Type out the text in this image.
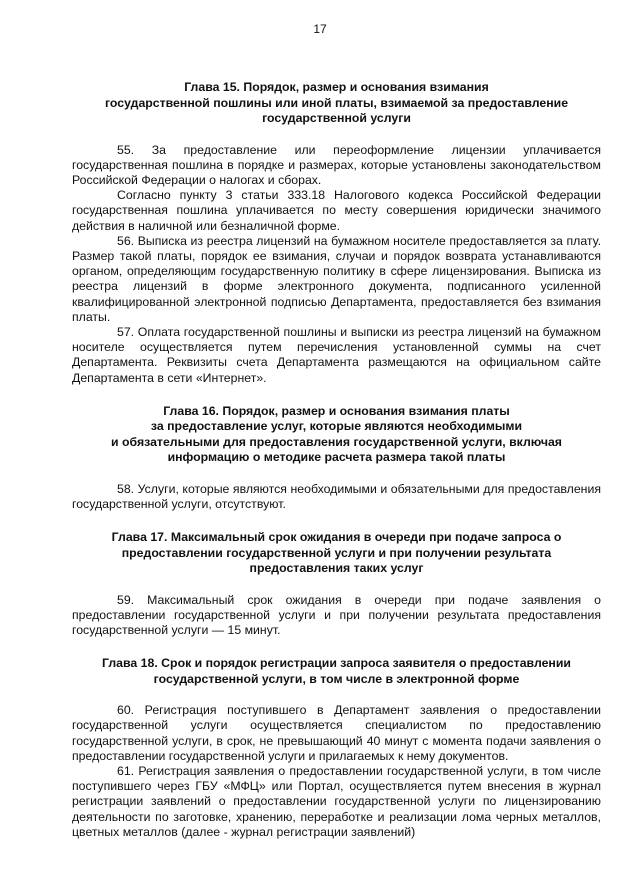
17
Глава 15. Порядок, размер и основания взимания
государственной пошлины или иной платы, взимаемой за предоставление
государственной услуги

55. За предоставление или переоформление лицензии уплачивается государственная пошлина в порядке и размерах, которые установлены законодательством Российской Федерации о налогах и сборах.

Согласно пункту 3 статьи 333.18 Налогового кодекса Российской Федерации государственная пошлина уплачивается по месту совершения юридически значимого действия в наличной или безналичной форме.

56. Выписка из реестра лицензий на бумажном носителе предоставляется за плату. Размер такой платы, порядок ее взимания, случаи и порядок возврата устанавливаются органом, определяющим государственную политику в сфере лицензирования. Выписка из реестра лицензий в форме электронного документа, подписанного усиленной квалифицированной электронной подписью Департамента, предоставляется без взимания платы.

57. Оплата государственной пошлины и выписки из реестра лицензий на бумажном носителе осуществляется путем перечисления установленной суммы на счет Департамента. Реквизиты счета Департамента размещаются на официальном сайте Департамента в сети «Интернет».

Глава 16. Порядок, размер и основания взимания платы
за предоставление услуг, которые являются необходимыми
и обязательными для предоставления государственной услуги, включая
информацию о методике расчета размера такой платы

58. Услуги, которые являются необходимыми и обязательными для предоставления государственной услуги, отсутствуют.

Глава 17. Максимальный срок ожидания в очереди при подаче запроса о
предоставлении государственной услуги и при получении результата
предоставления таких услуг

59. Максимальный срок ожидания в очереди при подаче заявления о предоставлении государственной услуги и при получении результата предоставления государственной услуги — 15 минут.

Глава 18. Срок и порядок регистрации запроса заявителя о предоставлении
государственной услуги, в том числе в электронной форме

60. Регистрация поступившего в Департамент заявления о предоставлении государственной услуги осуществляется специалистом по предоставлению государственной услуги, в срок, не превышающий 40 минут с момента подачи заявления о предоставлении государственной услуги и прилагаемых к нему документов.

61. Регистрация заявления о предоставлении государственной услуги, в том числе поступившего через ГБУ «МФЦ» или Портал, осуществляется путем внесения в журнал регистрации заявлений о предоставлении государственной услуги по лицензированию деятельности по заготовке, хранению, переработке и реализации лома черных металлов, цветных металлов (далее - журнал регистрации заявлений)
